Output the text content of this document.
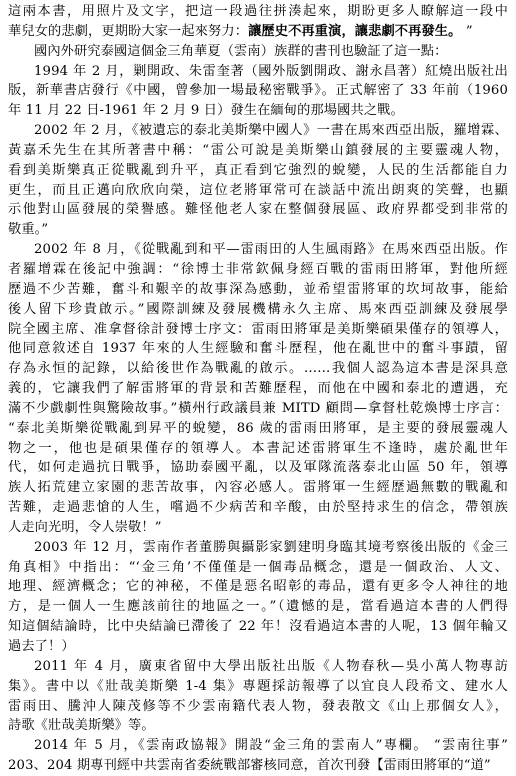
這兩本書，用照片及文字，把這一段過往拼湊起來，期盼更多人瞭解這一段中
華兒女的悲劇，更期盼大家一起來努力：讓歷史不再重演，讓悲劇不再發生。 ”
國內外研究泰國這個金三角華夏（雲南）族群的書刊也驗証了這一點：
1994 年 2 月，剿開政、朱雷奎著（國外版劉開政、謝永昌著）紅燒出版社出
版，新華書店發行《中國，曾參加一場最秘密戰爭》。正式解密了 33 年前（1960
年 11 月 22 日-1961 年 2 月 9 日）發生在緬甸的那場國共之戰。
2002 年 2 月，《被遺忘的泰北美斯樂中國人》一書在馬來西亞出版，羅增霖、
黃嘉禾先生在其所著書中稱：“雷公可說是美斯樂山鎮發展的主要靈魂人物，
看到美斯樂真正從戰亂到升平，真正看到它強烈的蛻變，人民的生活都能自力
更生，而且正邁向欣欣向榮，這位老將軍常可在談話中流出朗爽的笑聲，也顯
示他對山區發展的榮譽感。難怪他老人家在整個發展區、政府界都受到非常的
敬重。”
2002 年 8 月，《從戰亂到和平—雷雨田的人生風雨路》在馬來西亞出版。作
者羅增霖在後記中強調：“徐博士非常欽佩身經百戰的雷雨田將軍，對他所經
歷過不少苦難，奮斗和艱辛的故事深為感動，並希望雷將軍的坎坷故事，能給
後人留下珍貴啟示。”國際訓練及發展機構永久主席、馬來西亞訓練及發展學
院全國主席、准拿督徐計發博士序文：雷雨田將軍是美斯樂碩果僅存的領導人，
他同意敘述自 1937 年來的人生經驗和奮斗歷程，他在亂世中的奮斗事蹟，留
存為永恒的記錄，以給後世作為戰亂的啟示。……我個人認為這本書是深具意
義的，它讓我們了解雷將軍的背景和苦難歷程，而他在中國和泰北的遭遇，充
滿不少戲劇性與驚險故事。”橫州行政議員兼 MITD 顧問—拿督杜乾煥博士序言：
“泰北美斯樂從戰亂到昇平的蛻變，86 歲的雷雨田將軍，是主要的發展靈魂人
物之一，他也是碩果僅存的領導人。本書記述雷將軍生不逢時，處於亂世年
代，如何走過抗日戰爭，協助泰國平亂，以及軍隊流落泰北山區 50 年，領導
族人拓荒建立家園的悲苦故事，內容必感人。雷將軍一生經歷過無數的戰亂和
苦難，走過悲愴的人生，嚐過不少病苦和辛酸，由於堅持求生的信念，帶領族
人走向光明，令人崇敬！”
2003 年 12 月，雲南作者董勝與攝影家劉建明身臨其境考察後出版的《金三
角真相》中指出：“‘金三角’不僅僅是一個毒品概念，還是一個政治、人文、
地理、經濟概念；它的神秘，不僅是惡名昭彰的毒品，還有更多令人神往的地
方，是一個人一生應該前往的地區之一。”（遺憾的是，當看過這本書的人們得
知這個結論時，比中央結論已滯後了 22 年！沒看過這本書的人呢，13 個年輪又
過去了！）
2011 年 4 月，廣東省留中大學出版社出版《人物春秋—吳小萬人物專訪
集》。書中以《壯哉美斯樂 1-4 集》專題採訪報導了以宜良人段希文、建水人
雷雨田、騰沖人陳茂修等不少雲南籍代表人物，發表散文《山上那個女人》，
詩歌《壯哉美斯樂》等。
2014 年 5 月，《雲南政協報》開設“金三角的雲南人”專欄。 “雲南往事”
203、204 期專刊經中共雲南省委統戰部審核同意，首次刊發【雷雨田將軍的“道”
